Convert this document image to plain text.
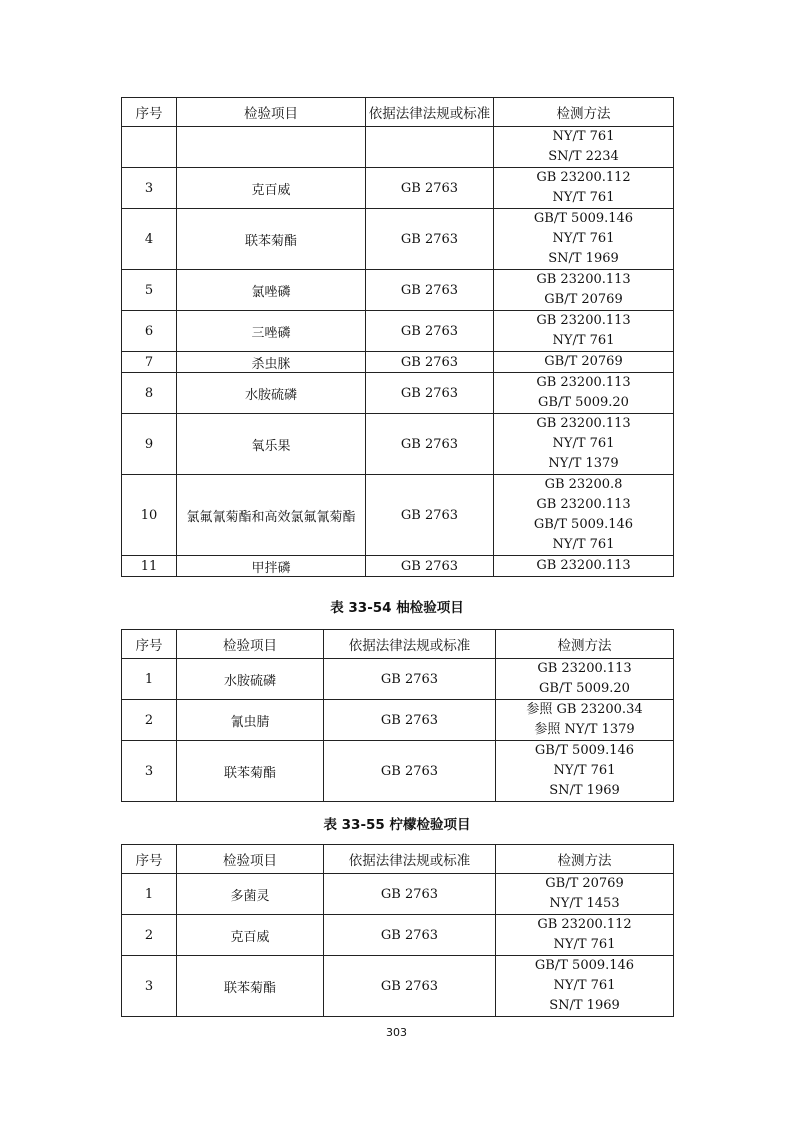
序号	检验项目	依据法律法规或标准	检测方法

			NY/T 761
SN/T 2234

3	克百威	GB 2763	GB 23200.112
NY/T 761

4	联苯菊酯	GB 2763	GB/T 5009.146
NY/T 761
SN/T 1969

5	氯唑磷	GB 2763	GB 23200.113
GB/T 20769

6	三唑磷	GB 2763	GB 23200.113
NY/T 761

7	杀虫脒	GB 2763	GB/T 20769

8	水胺硫磷	GB 2763	GB 23200.113
GB/T 5009.20

9	氧乐果	GB 2763	GB 23200.113
NY/T 761
NY/T 1379

10	氯氟氰菊酯和高效氯氟氰菊酯	GB 2763	GB 23200.8
GB 23200.113
GB/T 5009.146
NY/T 761

11	甲拌磷	GB 2763	GB 23200.113
表 33-54 柚检验项目
序号	检验项目	依据法律法规或标准	检测方法
1	水胺硫磷	GB 2763	GB 23200.113
GB/T 5009.20

2	氰虫腈	GB 2763	参照 GB 23200.34
参照 NY/T 1379

3	联苯菊酯	GB 2763	GB/T 5009.146
NY/T 761
SN/T 1969
表 33-55 柠檬检验项目
序号	检验项目	依据法律法规或标准	检测方法
1	多菌灵	GB 2763	GB/T 20769
NY/T 1453

2	克百威	GB 2763	GB 23200.112
NY/T 761

3	联苯菊酯	GB 2763	GB/T 5009.146
NY/T 761
SN/T 1969
303
